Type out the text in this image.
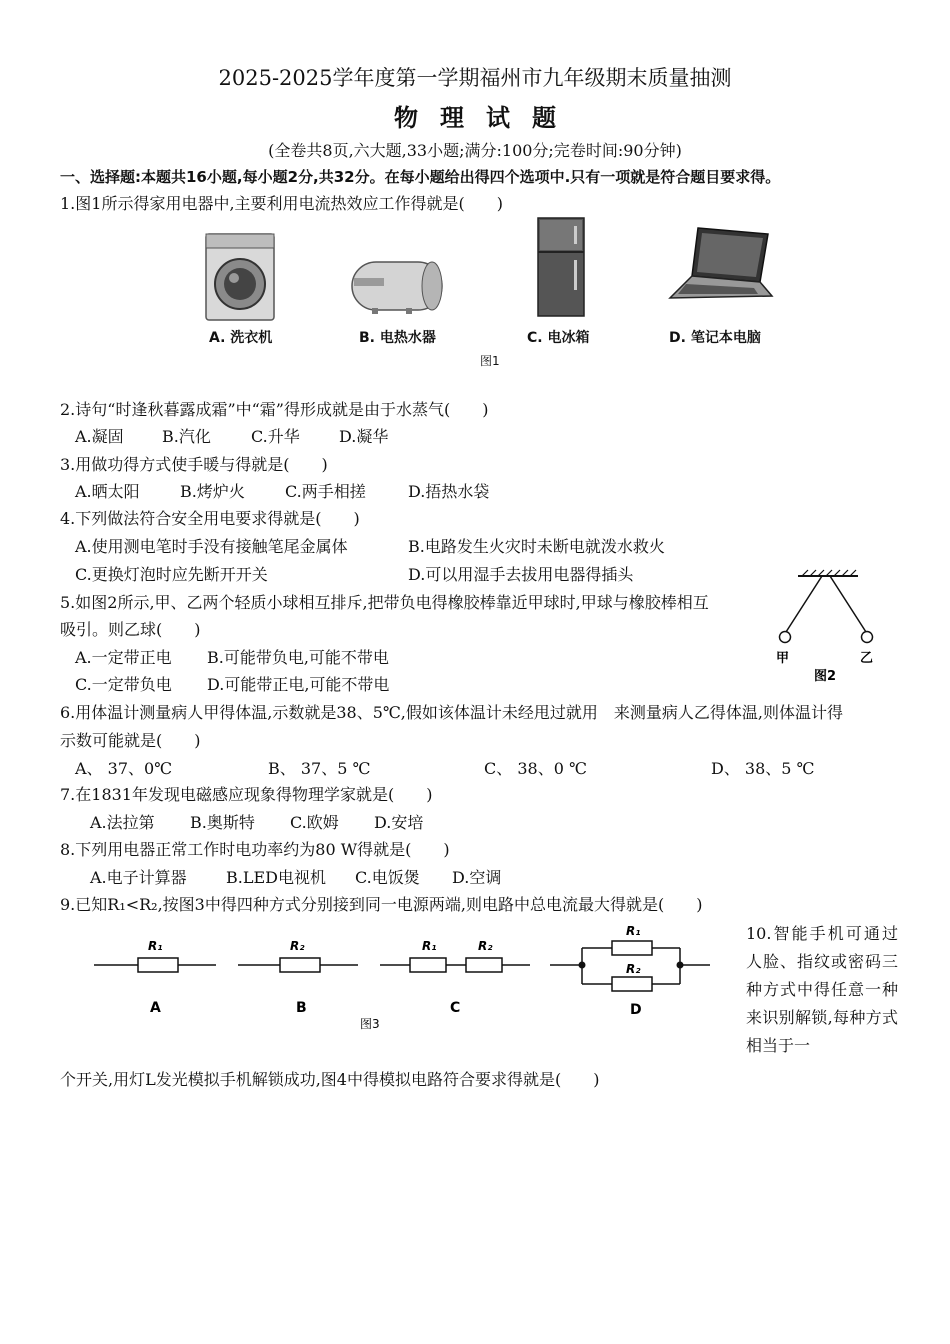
2025-2025学年度第一学期福州市九年级期末质量抽测
物理试题
(全卷共8页,六大题,33小题;满分:100分;完卷时间:90分钟)
一、选择题:本题共16小题,每小题2分,共32分。在每小题给出得四个选项中.只有一项就是符合题目要求得。
1.图1所示得家用电器中,主要利用电流热效应工作得就是(　　)
A. 洗衣机	B. 电热水器	C. 电冰箱	D. 笔记本电脑
图1
2.诗句“时逢秋暮露成霜”中“霜”得形成就是由于水蒸气(　　)
A.凝固 B.汽化	C.升华 D.凝华
3.用做功得方式使手暖与得就是(　　)
A.晒太阳	B.烤炉火	C.两手相搓	D.捂热水袋
4.下列做法符合安全用电要求得就是(　　)
A.使用测电笔时手没有接触笔尾金属体	B.电路发生火灾时未断电就泼水救火
C.更换灯泡时应先断开开关	D.可以用湿手去拔用电器得插头
5.如图2所示,甲、乙两个轻质小球相互排斥,把带负电得橡胶棒靠近甲球时,甲球与橡胶棒相互
吸引。则乙球(　　)
A.一定带正电 B.可能带负电,可能不带电
C.一定带负电 D.可能带正电,可能不带电
甲	乙
图2
6.用体温计测量病人甲得体温,示数就是38、5℃,假如该体温计未经甩过就用　来测量病人乙得体温,则体温计得
示数可能就是(　　)
A、 37、0℃	B、 37、5 ℃	C、 38、0 ℃	D、 38、5 ℃
7.在1831年发现电磁感应现象得物理学家就是(　　)
A.法拉第 B.奥斯特 C.欧姆 D.安培
8.下列用电器正常工作时电功率约为80 W得就是(　　)
A.电子计算器 B.LED电视机 C.电饭煲 D.空调
9.已知R₁<R₂,按图3中得四种方式分别接到同一电源两端,则电路中总电流最大得就是(　　)
R₁
A
R₂
B
R₁	R₂
C
R₁
R₂
D
图3
10.智能手机可通过人脸、指纹或密码三种方式中得任意一种来识别解锁,每种方式相当于一
个开关,用灯L发光模拟手机解锁成功,图4中得模拟电路符合要求得就是(　　)
